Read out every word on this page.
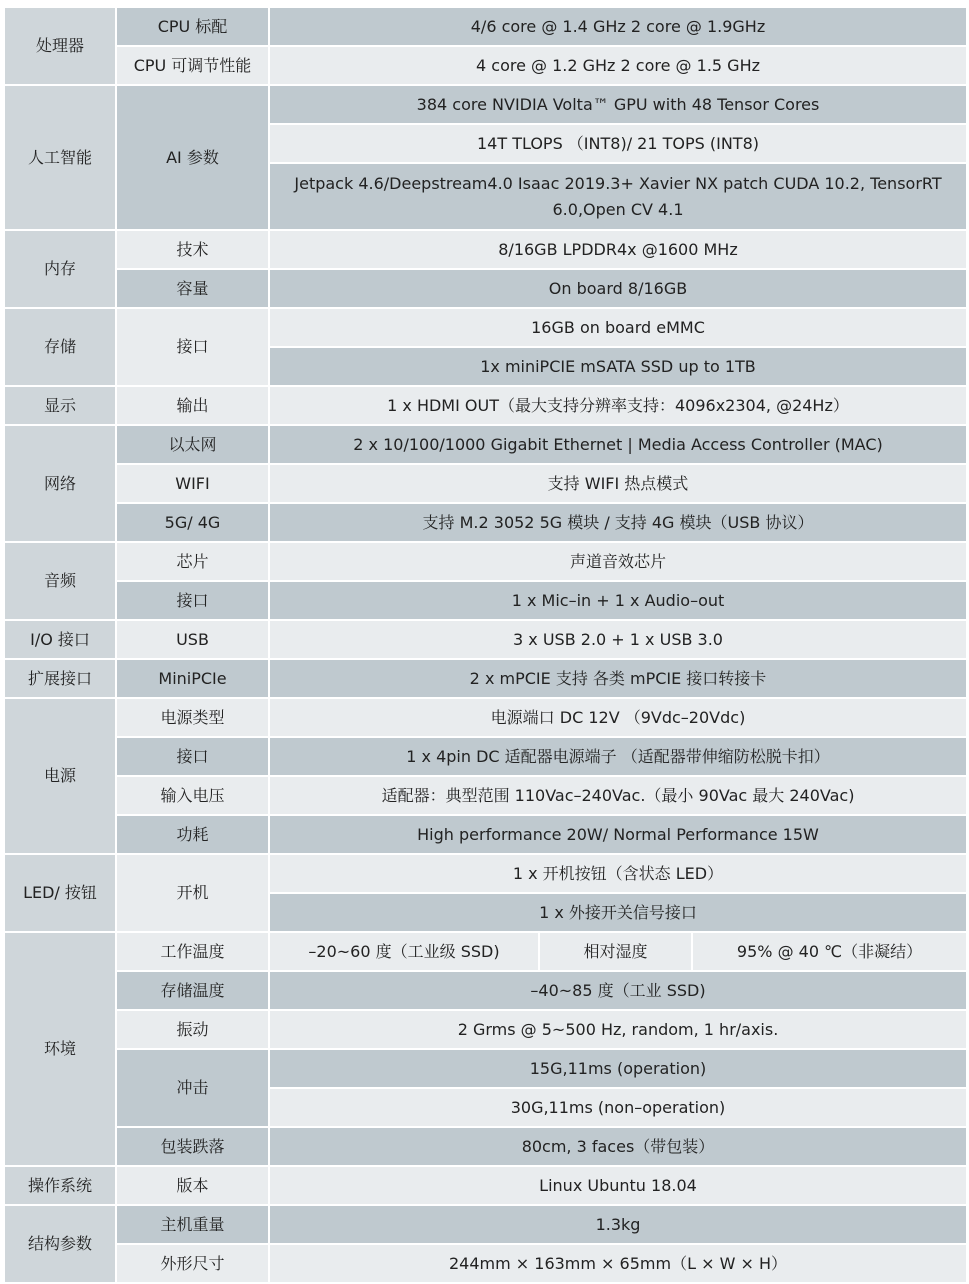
处理器	CPU 标配	4/6 core @ 1.4 GHz 2 core @ 1.9GHz		
	CPU 可调节性能	4 core @ 1.2 GHz 2 core @ 1.5 GHz		
人工智能	AI 参数	384 core NVIDIA Volta™ GPU with 48 Tensor Cores		
		14T TLOPS （INT8)/ 21 TOPS (INT8)		
		Jetpack 4.6/Deepstream4.0 Isaac 2019.3+ Xavier NX patch CUDA 10.2, TensorRT 6.0,Open CV 4.1		
内存	技术	8/16GB LPDDR4x @1600 MHz		
	容量	On board 8/16GB		
存储	接口	16GB on board eMMC		
		1x miniPCIE mSATA SSD up to 1TB		
显示	输出	1 x HDMI OUT（最大支持分辨率支持：4096x2304, @24Hz）		
网络	以太网	2 x 10/100/1000 Gigabit Ethernet | Media Access Controller (MAC)		
	WIFI	支持 WIFI 热点模式		
	5G/ 4G	支持 M.2 3052 5G 模块 / 支持 4G 模块（USB 协议）		
音频	芯片	声道音效芯片		
	接口	1 x Mic–in + 1 x Audio–out		
I/O 接口	USB	3 x USB 2.0 + 1 x USB 3.0		
扩展接口	MiniPCIe	2 x mPCIE 支持 各类 mPCIE 接口转接卡		
电源	电源类型	电源端口 DC 12V （9Vdc–20Vdc)		
	接口	1 x 4pin DC 适配器电源端子 （适配器带伸缩防松脱卡扣）		
	输入电压	适配器：典型范围 110Vac–240Vac.（最小 90Vac 最大 240Vac)		
	功耗	High performance 20W/ Normal Performance 15W		
LED/ 按钮	开机	1 x 开机按钮（含状态 LED）		
		1 x 外接开关信号接口		
环境	工作温度	–20~60 度（工业级 SSD)	相对湿度	95% @ 40 ℃（非凝结）
	存储温度	–40~85 度（工业 SSD)		
	振动	2 Grms @ 5~500 Hz, random, 1 hr/axis.		
	冲击	15G,11ms (operation)		
		30G,11ms (non–operation)		
	包装跌落	80cm, 3 faces（带包装）		
操作系统	版本	Linux Ubuntu 18.04		
结构参数	主机重量	1.3kg		
	外形尺寸	244mm × 163mm × 65mm（L × W × H）		
